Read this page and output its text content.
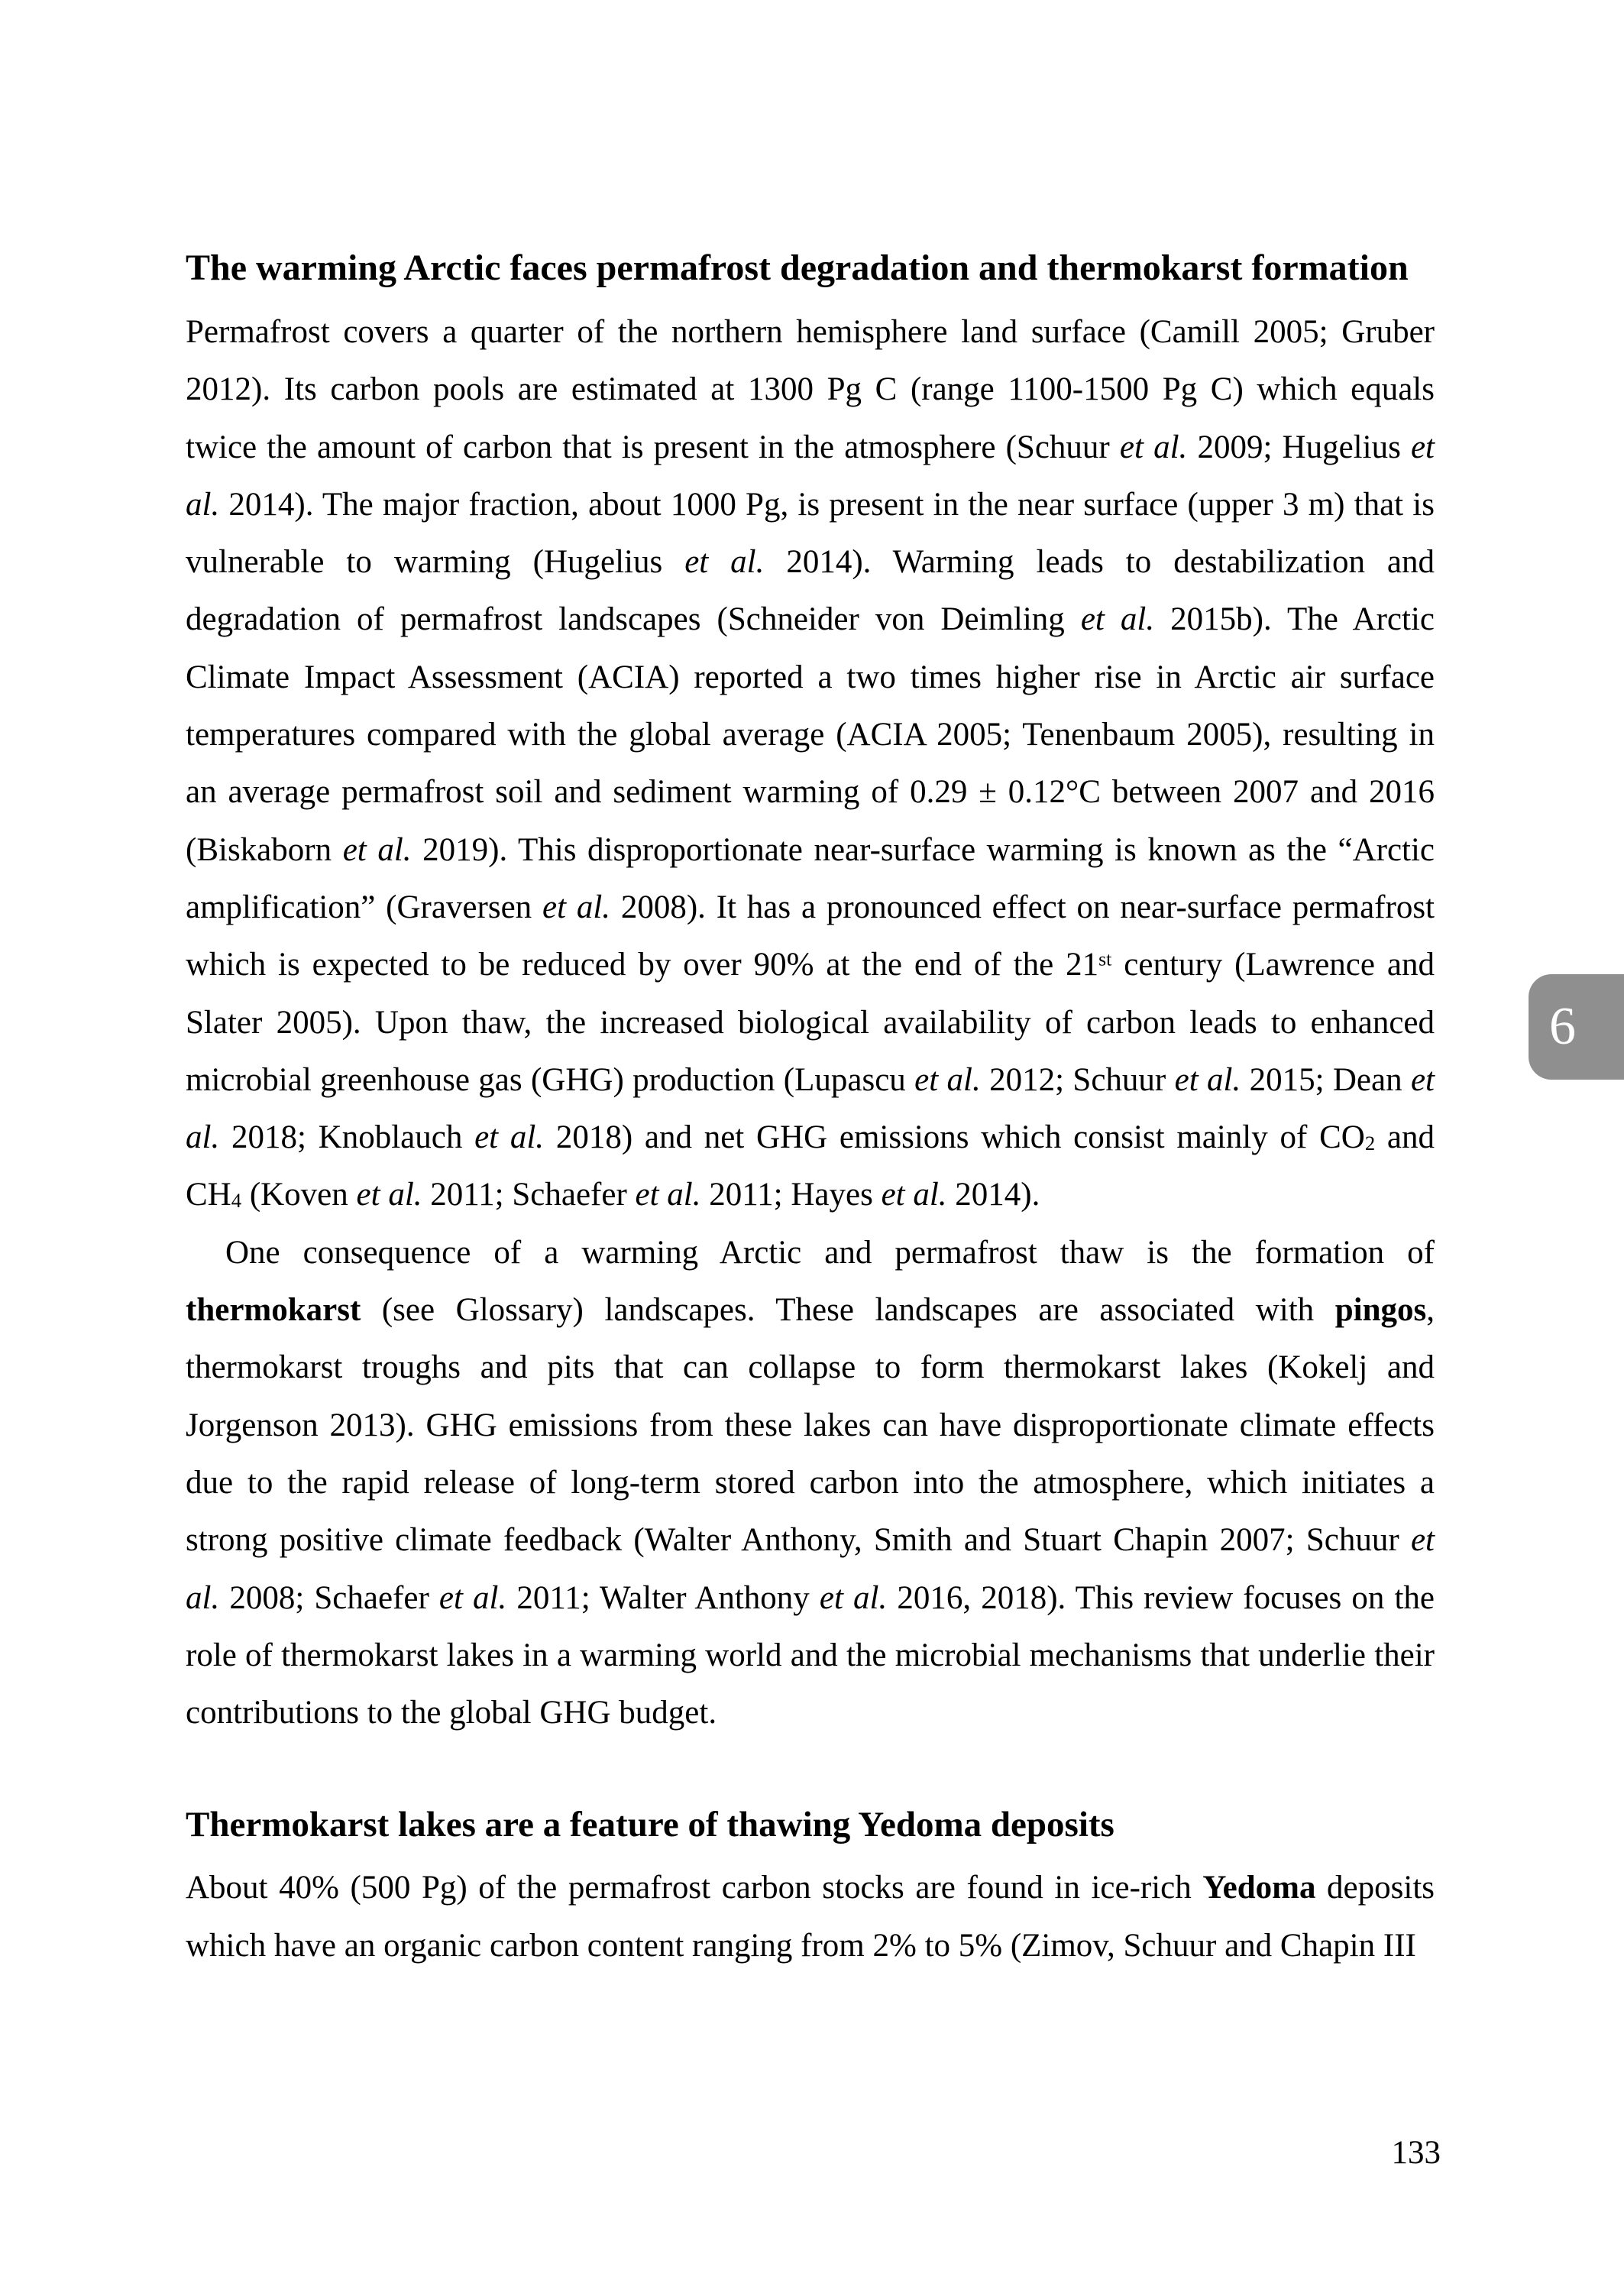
The warming Arctic faces permafrost degradation and thermokarst formation

Permafrost covers a quarter of the northern hemisphere land surface (Camill 2005; Gruber 2012). Its carbon pools are estimated at 1300 Pg C (range 1100-1500 Pg C) which equals twice the amount of carbon that is present in the atmosphere (Schuur et al. 2009; Hugelius et al. 2014). The major fraction, about 1000 Pg, is present in the near surface (upper 3 m) that is vulnerable to warming (Hugelius et al. 2014). Warming leads to destabilization and degradation of permafrost landscapes (Schneider von Deimling et al. 2015b). The Arctic Climate Impact Assessment (ACIA) reported a two times higher rise in Arctic air surface temperatures compared with the global average (ACIA 2005; Tenenbaum 2005), resulting in an average permafrost soil and sediment warming of 0.29 ± 0.12°C between 2007 and 2016 (Biskaborn et al. 2019). This disproportionate near-surface warming is known as the “Arctic amplification” (Graversen et al. 2008). It has a pronounced effect on near-surface permafrost which is expected to be reduced by over 90% at the end of the 21st century (Lawrence and Slater 2005). Upon thaw, the increased biological availability of carbon leads to enhanced microbial greenhouse gas (GHG) production (Lupascu et al. 2012; Schuur et al. 2015; Dean et al. 2018; Knoblauch et al. 2018) and net GHG emissions which consist mainly of CO2 and CH4 (Koven et al. 2011; Schaefer et al. 2011; Hayes et al. 2014).

One consequence of a warming Arctic and permafrost thaw is the formation of thermokarst (see Glossary) landscapes. These landscapes are associated with pingos, thermokarst troughs and pits that can collapse to form thermokarst lakes (Kokelj and Jorgenson 2013). GHG emissions from these lakes can have disproportionate climate effects due to the rapid release of long-term stored carbon into the atmosphere, which initiates a strong positive climate feedback (Walter Anthony, Smith and Stuart Chapin 2007; Schuur et al. 2008; Schaefer et al. 2011; Walter Anthony et al. 2016, 2018). This review focuses on the role of thermokarst lakes in a warming world and the microbial mechanisms that underlie their contributions to the global GHG budget.

Thermokarst lakes are a feature of thawing Yedoma deposits

About 40% (500 Pg) of the permafrost carbon stocks are found in ice-rich Yedoma deposits which have an organic carbon content ranging from 2% to 5% (Zimov, Schuur and Chapin III

6
133
